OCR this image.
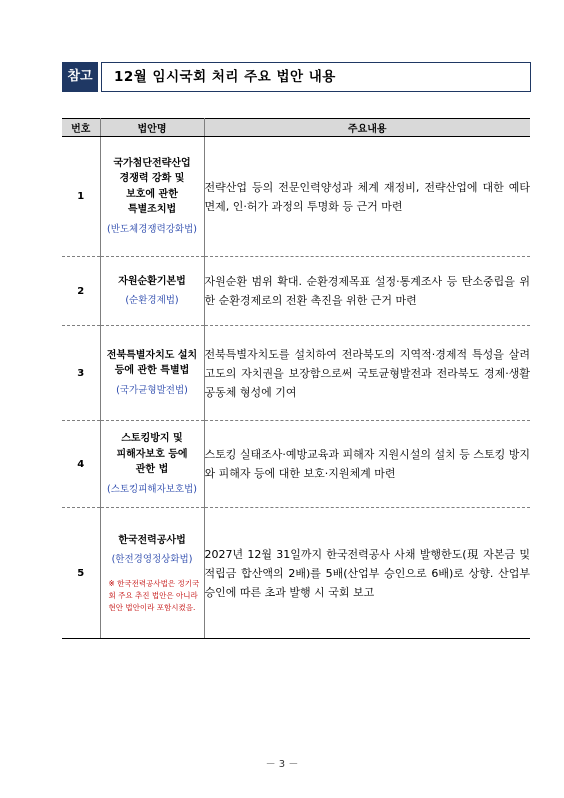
참고	12월 임시국회 처리 주요 법안 내용
번호	법안명	주요내용
1	국가첨단전략산업
경쟁력 강화 및
보호에 관한
특별조치법
(반도체경쟁력강화법)	전략산업 등의 전문인력양성과 체계 재정비, 전략산업에 대한 예타 면제, 인·허가 과정의 투명화 등 근거 마련
2	자원순환기본법
(순환경제법)	자원순환 범위 확대. 순환경제목표 설정·통계조사 등 탄소중립을 위한 순환경제로의 전환 촉진을 위한 근거 마련
3	전북특별자치도 설치
등에 관한 특별법
(국가균형발전법)	전북특별자치도를 설치하여 전라북도의 지역적·경제적 특성을 살려 고도의 자치권을 보장함으로써 국토균형발전과 전라북도 경제·생활 공동체 형성에 기여
4	스토킹방지 및
피해자보호 등에
관한 법
(스토킹피해자보호법)	스토킹 실태조사·예방교육과 피해자 지원시설의 설치 등 스토킹 방지와 피해자 등에 대한 보호·지원체계 마련
5	한국전력공사법
(한전경영정상화법)
※ 한국전력공사법은 정기국
회 주요 추진 법안은 아니라
현안 법안이라 포함시켰음.	2027년 12월 31일까지 한국전력공사 사채 발행한도(現 자본금 및 적립금 합산액의 2배)를 5배(산업부 승인으로 6배)로 상향. 산업부 승인에 따른 초과 발행 시 국회 보고
－ 3 －
